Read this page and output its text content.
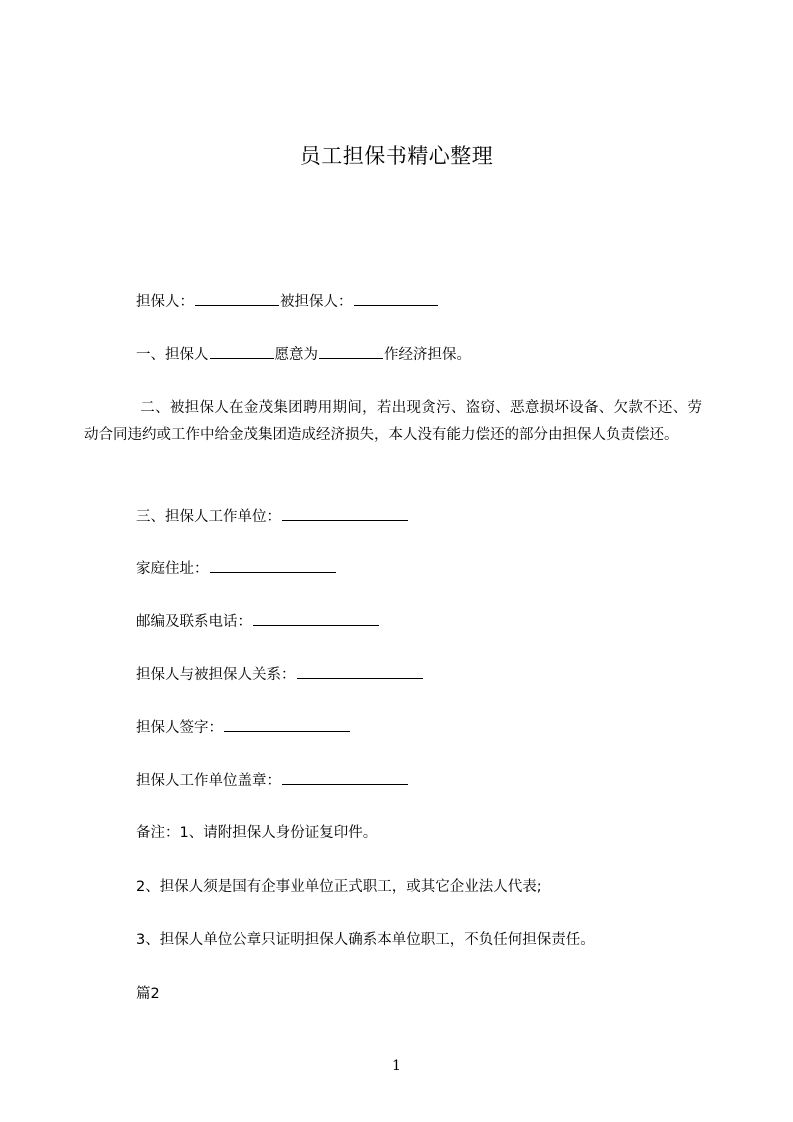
员工担保书精心整理
担保人：	被担保人：
一、担保人	愿意为	作经济担保。
二、被担保人在金茂集团聘用期间，若出现贪污、盗窃、恶意损坏设备、欠款不还、劳动合同违约或工作中给金茂集团造成经济损失，本人没有能力偿还的部分由担保人负责偿还。
三、担保人工作单位：
家庭住址：
邮编及联系电话：
担保人与被担保人关系：
担保人签字：
担保人工作单位盖章：
备注：1、请附担保人身份证复印件。
2、担保人须是国有企事业单位正式职工，或其它企业法人代表;
3、担保人单位公章只证明担保人确系本单位职工，不负任何担保责任。
篇2
1
